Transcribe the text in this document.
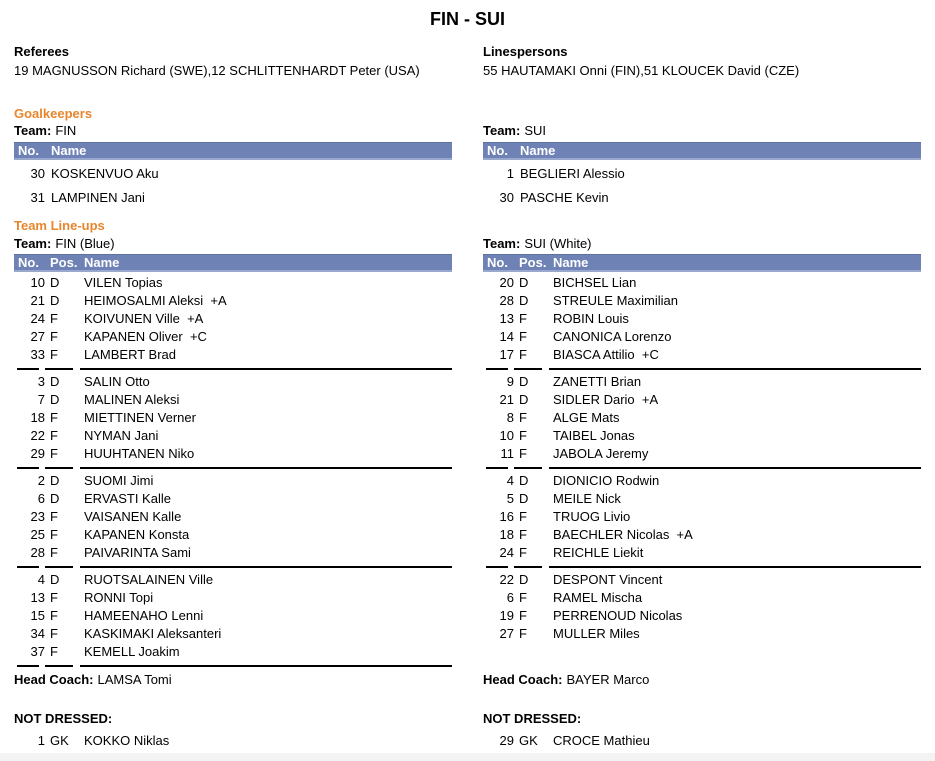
FIN - SUI
Referees
19 MAGNUSSON Richard (SWE),12 SCHLITTENHARDT Peter (USA)
Goalkeepers
Team: FIN
No. Name
30 KOSKENVUO Aku
31 LAMPINEN Jani
Team Line-ups
Team: FIN (Blue)
No. Pos. Name
10 D	VILEN Topias
21 D	HEIMOSALMI Aleksi  +A
24 F	KOIVUNEN Ville  +A
27 F	KAPANEN Oliver  +C
33 F	LAMBERT Brad
3 D	SALIN Otto
7 D	MALINEN Aleksi
18 F	MIETTINEN Verner
22 F	NYMAN Jani
29 F	HUUHTANEN Niko
2 D	SUOMI Jimi
6 D	ERVASTI Kalle
23 F	VAISANEN Kalle
25 F	KAPANEN Konsta
28 F	PAIVARINTA Sami
4 D	RUOTSALAINEN Ville
13 F	RONNI Topi
15 F	HAMEENAHO Lenni
34 F	KASKIMAKI Aleksanteri
37 F	KEMELL Joakim
Head Coach: LAMSA Tomi
NOT DRESSED:
1 GK	KOKKO Niklas
Linespersons
55 HAUTAMAKI Onni (FIN),51 KLOUCEK David (CZE)
Team: SUI
No. Name
1 BEGLIERI Alessio
30 PASCHE Kevin
Team: SUI (White)
No. Pos. Name
20 D	BICHSEL Lian
28 D	STREULE Maximilian
13 F	ROBIN Louis
14 F	CANONICA Lorenzo
17 F	BIASCA Attilio  +C
9 D	ZANETTI Brian
21 D	SIDLER Dario  +A
8 F	ALGE Mats
10 F	TAIBEL Jonas
11 F	JABOLA Jeremy
4 D	DIONICIO Rodwin
5 D	MEILE Nick
16 F	TRUOG Livio
18 F	BAECHLER Nicolas  +A
24 F	REICHLE Liekit
22 D	DESPONT Vincent
6 F	RAMEL Mischa
19 F	PERRENOUD Nicolas
27 F	MULLER Miles
Head Coach: BAYER Marco
NOT DRESSED:
29 GK	CROCE Mathieu
